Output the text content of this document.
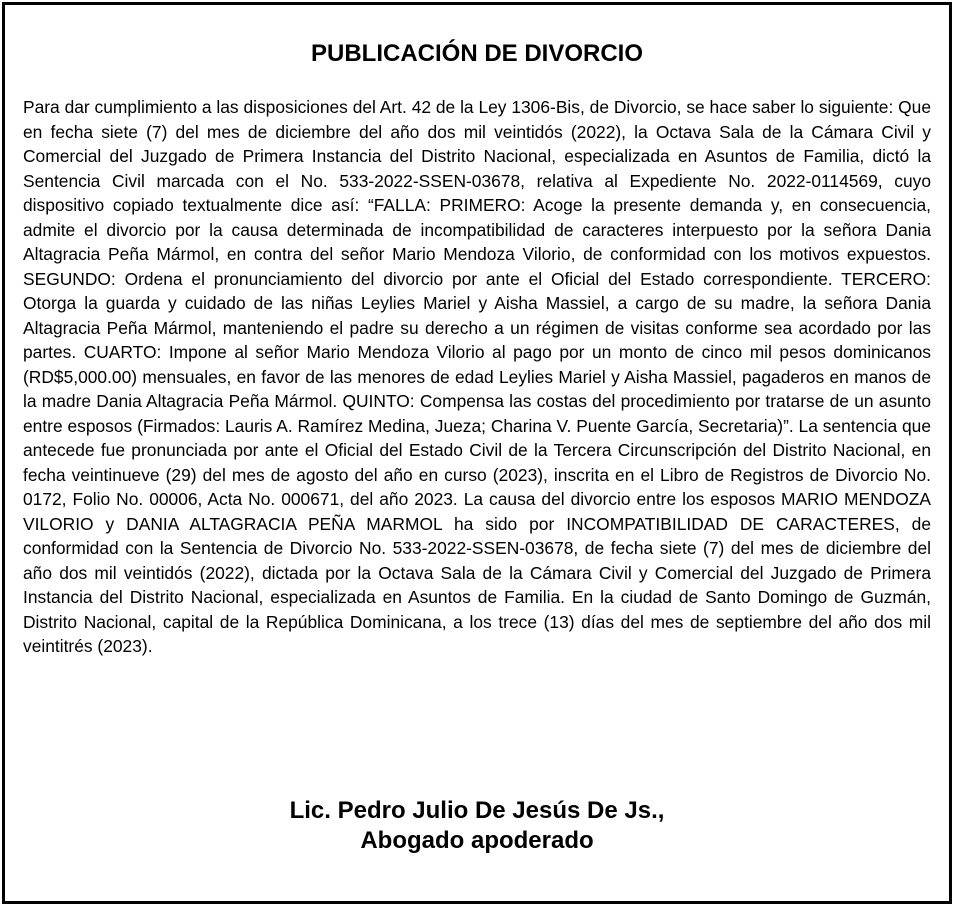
PUBLICACIÓN DE DIVORCIO

Para dar cumplimiento a las disposiciones del Art. 42 de la Ley 1306-Bis, de Divorcio, se hace saber lo siguiente: Que en fecha siete (7) del mes de diciembre del año dos mil veintidós (2022), la Octava Sala de la Cámara Civil y Comercial del Juzgado de Primera Instancia del Distrito Nacional, especializada en Asuntos de Familia, dictó la Sentencia Civil marcada con el No. 533-2022-SSEN-03678, relativa al Expediente No. 2022-0114569, cuyo dispositivo copiado textualmente dice así: “FALLA: PRIMERO: Acoge la presente demanda y, en consecuencia, admite el divorcio por la causa determinada de incompatibilidad de caracteres interpuesto por la señora Dania Altagracia Peña Mármol, en contra del señor Mario Mendoza Vilorio, de conformidad con los motivos expuestos. SEGUNDO: Ordena el pronunciamiento del divorcio por ante el Oficial del Estado correspondiente. TERCERO: Otorga la guarda y cuidado de las niñas Leylies Mariel y Aisha Massiel, a cargo de su madre, la señora Dania Altagracia Peña Mármol, manteniendo el padre su derecho a un régimen de visitas conforme sea acordado por las partes. CUARTO: Impone al señor Mario Mendoza Vilorio al pago por un monto de cinco mil pesos dominicanos (RD$5,000.00) mensuales, en favor de las menores de edad Leylies Mariel y Aisha Massiel, pagaderos en manos de la madre Dania Altagracia Peña Mármol. QUINTO: Compensa las costas del procedimiento por tratarse de un asunto entre esposos (Firmados: Lauris A. Ramírez Medina, Jueza; Charina V. Puente García, Secretaria)”. La sentencia que antecede fue pronunciada por ante el Oficial del Estado Civil de la Tercera Circunscripción del Distrito Nacional, en fecha veintinueve (29) del mes de agosto del año en curso (2023), inscrita en el Libro de Registros de Divorcio No. 0172, Folio No. 00006, Acta No. 000671, del año 2023. La causa del divorcio entre los esposos MARIO MENDOZA VILORIO y DANIA ALTAGRACIA PEÑA MARMOL ha sido por INCOMPATIBILIDAD DE CARACTERES, de conformidad con la Sentencia de Divorcio No. 533-2022-SSEN-03678, de fecha siete (7) del mes de diciembre del año dos mil veintidós (2022), dictada por la Octava Sala de la Cámara Civil y Comercial del Juzgado de Primera Instancia del Distrito Nacional, especializada en Asuntos de Familia. En la ciudad de Santo Domingo de Guzmán, Distrito Nacional, capital de la República Dominicana, a los trece (13) días del mes de septiembre del año dos mil veintitrés (2023).

Lic. Pedro Julio De Jesús De Js.,
Abogado apoderado
